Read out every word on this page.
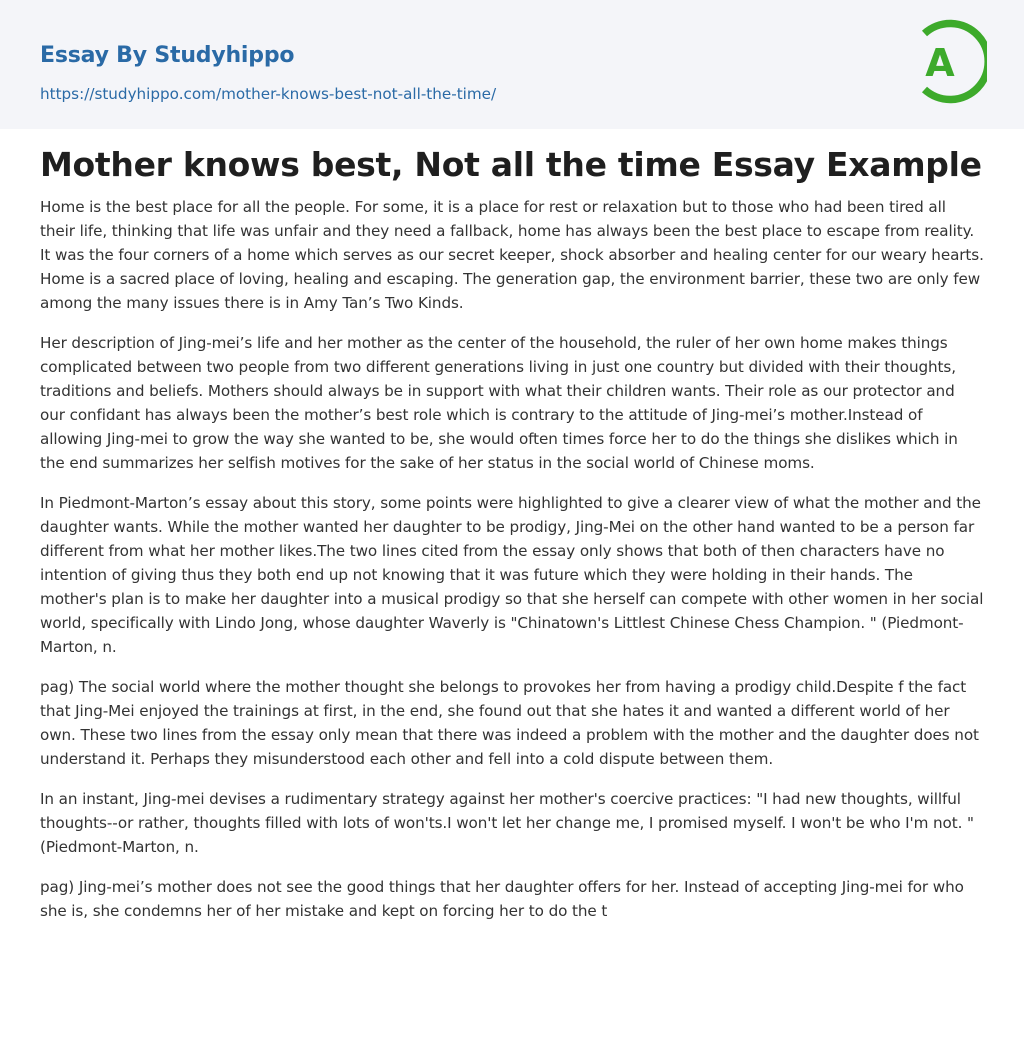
Essay By Studyhippo
https://studyhippo.com/mother-knows-best-not-all-the-time/
A
Mother knows best, Not all the time Essay Example

Home is the best place for all the people. For some, it is a place for rest or relaxation but to those who had been tired all their life, thinking that life was unfair and they need a fallback, home has always been the best place to escape from reality. It was the four corners of a home which serves as our secret keeper, shock absorber and healing center for our weary hearts. Home is a sacred place of loving, healing and escaping. The generation gap, the environment barrier, these two are only few among the many issues there is in Amy Tan’s Two Kinds.

Her description of Jing-mei’s life and her mother as the center of the household, the ruler of her own home makes things complicated between two people from two different generations living in just one country but divided with their thoughts, traditions and beliefs. Mothers should always be in support with what their children wants. Their role as our protector and our confidant has always been the mother’s best role which is contrary to the attitude of Jing-mei’s mother.Instead of allowing Jing-mei to grow the way she wanted to be, she would often times force her to do the things she dislikes which in the end summarizes her selfish motives for the sake of her status in the social world of Chinese moms.

In Piedmont-Marton’s essay about this story, some points were highlighted to give a clearer view of what the mother and the daughter wants. While the mother wanted her daughter to be prodigy, Jing-Mei on the other hand wanted to be a person far different from what her mother likes.The two lines cited from the essay only shows that both of then characters have no intention of giving thus they both end up not knowing that it was future which they were holding in their hands. The mother's plan is to make her daughter into a musical prodigy so that she herself can compete with other women in her social world, specifically with Lindo Jong, whose daughter Waverly is "Chinatown's Littlest Chinese Chess Champion. " (Piedmont-Marton, n.

pag) The social world where the mother thought she belongs to provokes her from having a prodigy child.Despite f the fact that Jing-Mei enjoyed the trainings at first, in the end, she found out that she hates it and wanted a different world of her own. These two lines from the essay only mean that there was indeed a problem with the mother and the daughter does not understand it. Perhaps they misunderstood each other and fell into a cold dispute between them.

In an instant, Jing-mei devises a rudimentary strategy against her mother's coercive practices: "I had new thoughts, willful thoughts--or rather, thoughts filled with lots of won'ts.I won't let her change me, I promised myself. I won't be who I'm not. " (Piedmont-Marton, n.

pag) Jing-mei’s mother does not see the good things that her daughter offers for her. Instead of accepting Jing-mei for who she is, she condemns her of her mistake and kept on forcing her to do the t
